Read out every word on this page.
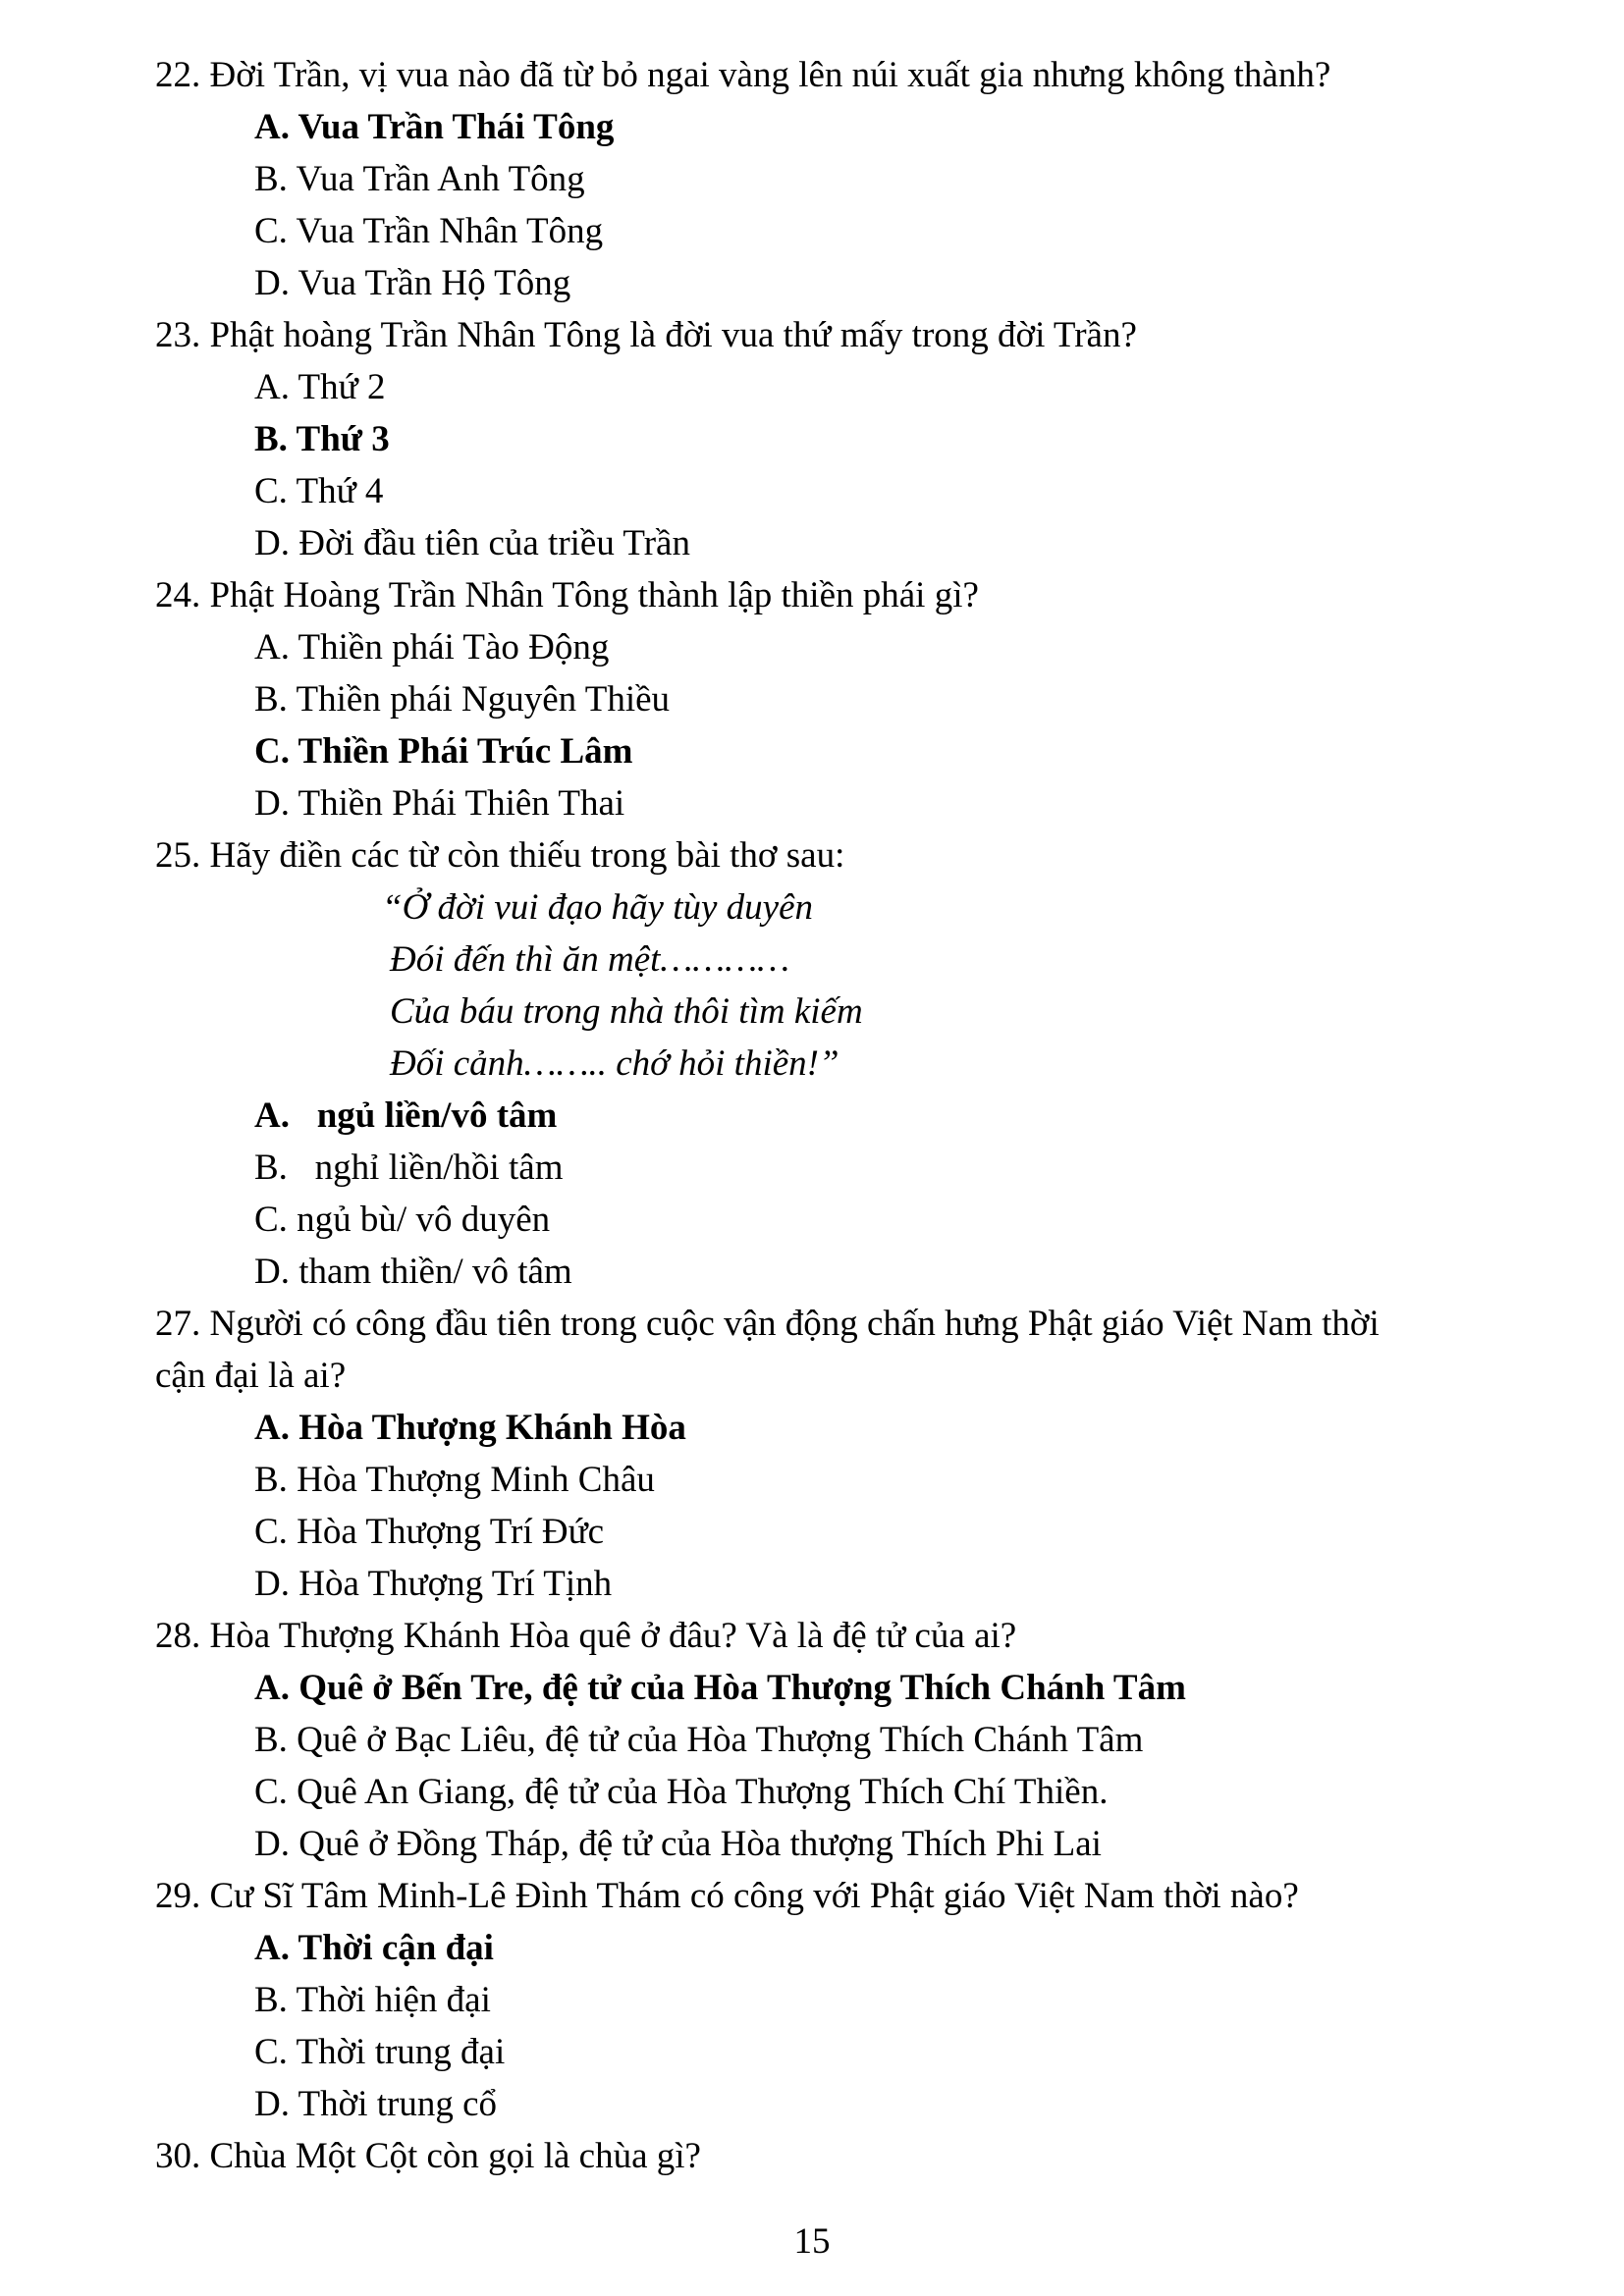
22. Đời Trần, vị vua nào đã từ bỏ ngai vàng lên núi xuất gia nhưng không thành?
A. Vua Trần Thái Tông
B. Vua Trần Anh Tông
C. Vua Trần Nhân Tông
D. Vua Trần Hộ Tông
23. Phật hoàng Trần Nhân Tông là đời vua thứ mấy trong đời Trần?
A. Thứ 2
B. Thứ 3
C. Thứ 4
D. Đời đầu tiên của triều Trần
24. Phật Hoàng Trần Nhân Tông thành lập thiền phái gì?
A. Thiền phái Tào Động
B. Thiền phái Nguyên Thiều
C. Thiền Phái Trúc Lâm
D. Thiền Phái Thiên Thai
25. Hãy điền các từ còn thiếu trong bài thơ sau:
“Ở đời vui đạo hãy tùy duyên
Đói đến thì ăn mệt…………
Của báu trong nhà thôi tìm kiếm
Đối cảnh…….. chớ hỏi thiền!”
A.   ngủ liền/vô tâm
B.   nghỉ liền/hồi tâm
C. ngủ bù/ vô duyên
D. tham thiền/ vô tâm
27. Người có công đầu tiên trong cuộc vận động chấn hưng Phật giáo Việt Nam thời
cận đại là ai?
A. Hòa Thượng Khánh Hòa
B. Hòa Thượng Minh Châu
C. Hòa Thượng Trí Đức
D. Hòa Thượng Trí Tịnh
28. Hòa Thượng Khánh Hòa quê ở đâu? Và là đệ tử của ai?
A. Quê ở Bến Tre, đệ tử của Hòa Thượng Thích Chánh Tâm
B. Quê ở Bạc Liêu, đệ tử của Hòa Thượng Thích Chánh Tâm
C. Quê An Giang, đệ tử của Hòa Thượng Thích Chí Thiền.
D. Quê ở Đồng Tháp, đệ tử của Hòa thượng Thích Phi Lai
29. Cư Sĩ Tâm Minh-Lê Đình Thám có công với Phật giáo Việt Nam thời nào?
A. Thời cận đại
B. Thời hiện đại
C. Thời trung đại
D. Thời trung cổ
30. Chùa Một Cột còn gọi là chùa gì?
15
